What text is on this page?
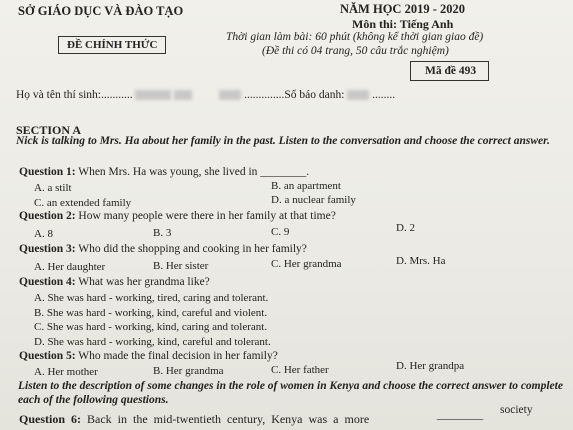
SỞ GIÁO DỤC VÀ ĐÀO TẠO
ĐỀ CHÍNH THỨC
NĂM HỌC 2019 - 2020
Môn thi: Tiếng Anh
Thời gian làm bài: 60 phút (không kể thời gian giao đề)
(Đề thi có 04 trang, 50 câu trắc nghiệm)
Mã đề 493
Họ và tên thí sinh:...........	..............Số báo danh: ........
SECTION A
Nick is talking to Mrs. Ha about her family in the past. Listen to the conversation and choose the correct answer.
Question 1: When Mrs. Ha was young, she lived in ________.
A. a stilt	B. an apartment
C. an extended family	D. a nuclear family
Question 2: How many people were there in her family at that time?
A. 8	B. 3	C. 9	D. 2
Question 3: Who did the shopping and cooking in her family?
A. Her daughter	B. Her sister	C. Her grandma	D. Mrs. Ha
Question 4: What was her grandma like?
A. She was hard - working, tired, caring and tolerant.
B. She was hard - working, kind, careful and violent.
C. She was hard - working, kind, caring and tolerant.
D. She was hard - working, kind, careful and tolerant.
Question 5: Who made the final decision in her family?
A. Her mother	B. Her grandma	C. Her father	D. Her grandpa
Listen to the description of some changes in the role of women in Kenya and choose the correct answer to complete each of the following questions.
Question 6: Back in the mid-twentieth century, Kenya was a more	________ society
